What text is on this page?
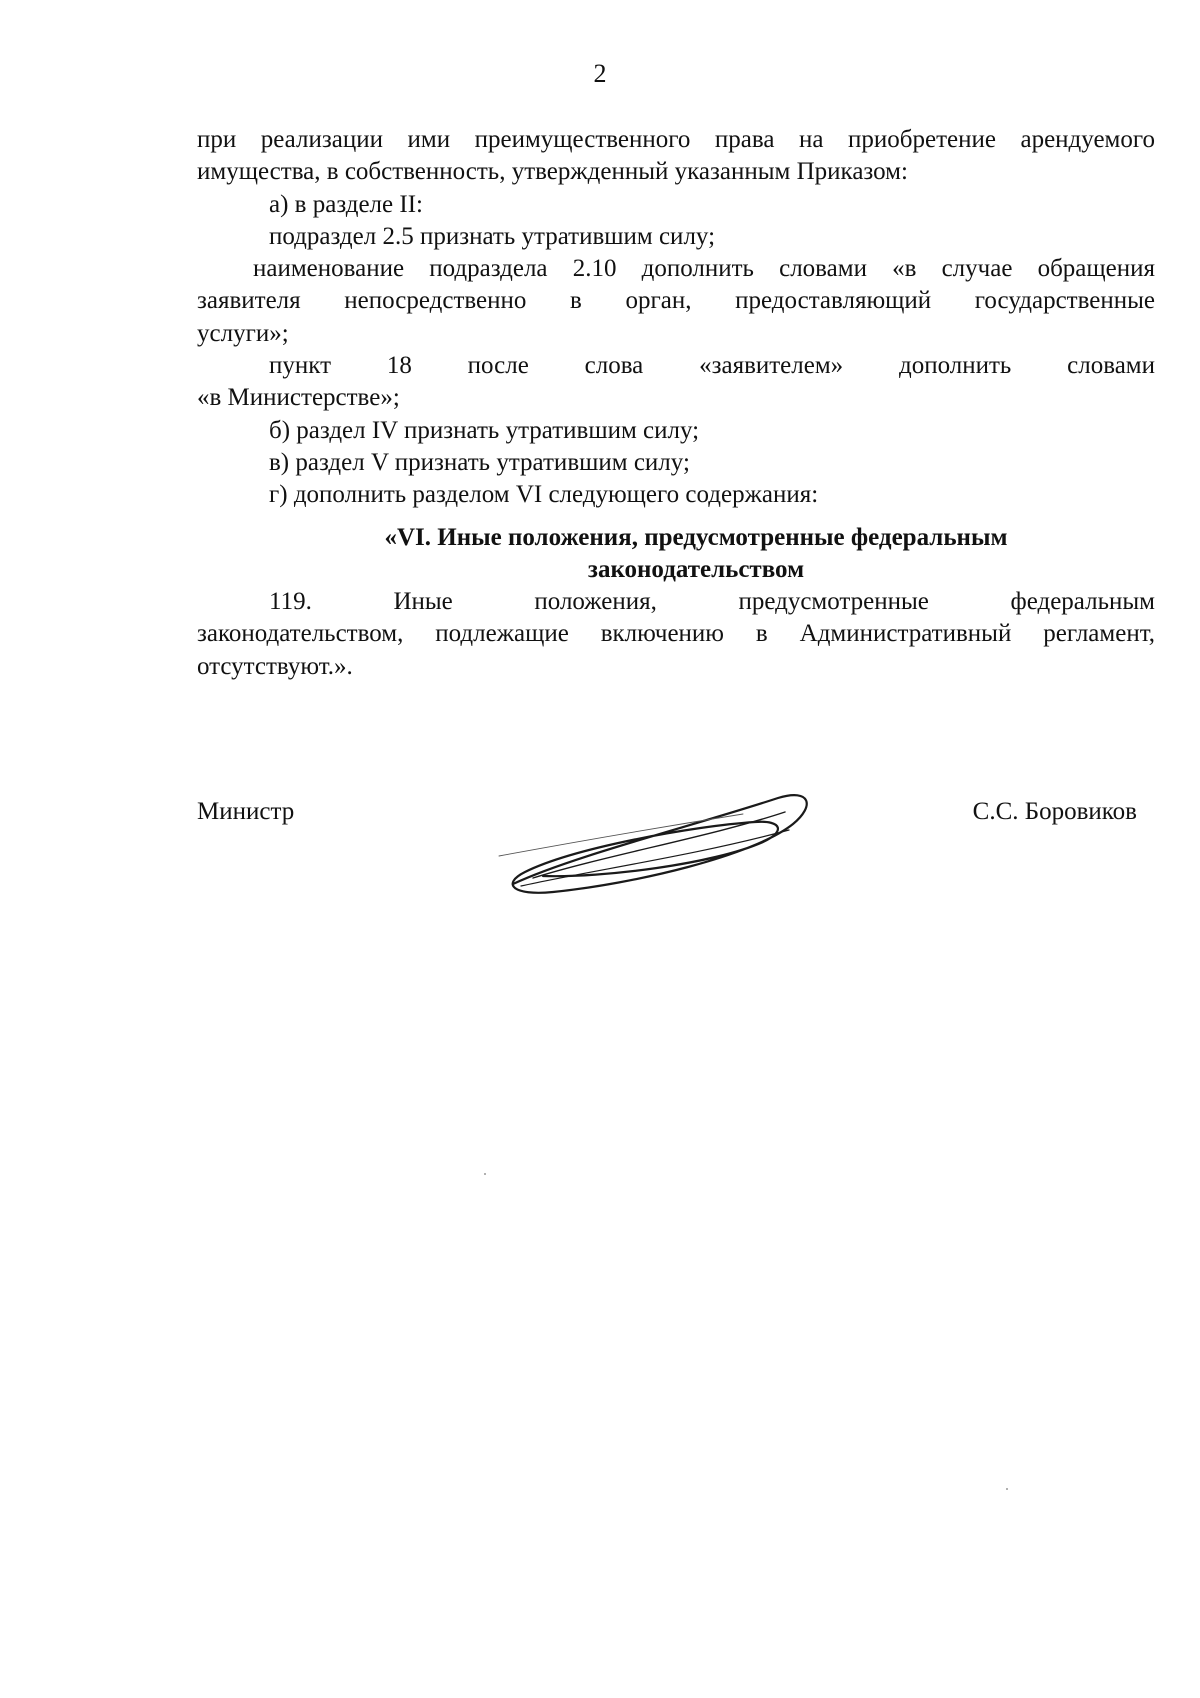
2
при реализации ими преимущественного права на приобретение арендуемого
имущества, в собственность, утвержденный указанным Приказом:
а) в разделе II:
подраздел 2.5 признать утратившим силу;
наименование подраздела 2.10 дополнить словами «в случае обращения
заявителя непосредственно в орган, предоставляющий государственные
услуги»;
пункт 18 после слова «заявителем» дополнить словами
«в Министерстве»;
б) раздел IV признать утратившим силу;
в) раздел V признать утратившим силу;
г) дополнить разделом VI следующего содержания:
«VI. Иные положения, предусмотренные федеральным
законодательством
119. Иные положения, предусмотренные федеральным
законодательством, подлежащие включению в Административный регламент,
отсутствуют.».
Министр	С.С. Боровиков
